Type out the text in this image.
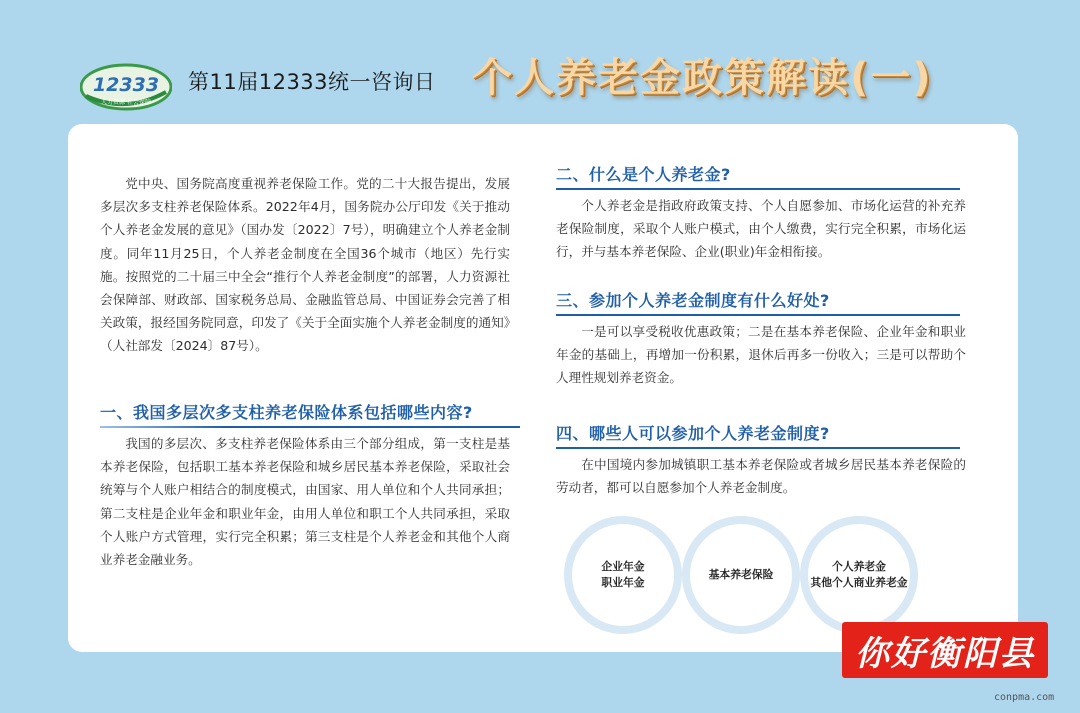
12333
人力资源 社会保障
第11届12333统一咨询日 个人养老金政策解读(一)

党中央、国务院高度重视养老保险工作。党的二十大报告提出，发展多层次多支柱养老保险体系。2022年4月，国务院办公厅印发《关于推动个人养老金发展的意见》（国办发〔2022〕7号），明确建立个人养老金制度。同年11月25日，个人养老金制度在全国36个城市（地区）先行实施。按照党的二十届三中全会“推行个人养老金制度”的部署，人力资源社会保障部、财政部、国家税务总局、金融监管总局、中国证券会完善了相关政策，报经国务院同意，印发了《关于全面实施个人养老金制度的通知》（人社部发〔2024〕87号）。

一、我国多层次多支柱养老保险体系包括哪些内容?

我国的多层次、多支柱养老保险体系由三个部分组成，第一支柱是基本养老保险，包括职工基本养老保险和城乡居民基本养老保险，采取社会统筹与个人账户相结合的制度模式，由国家、用人单位和个人共同承担；第二支柱是企业年金和职业年金，由用人单位和职工个人共同承担，采取个人账户方式管理，实行完全积累；第三支柱是个人养老金和其他个人商业养老金融业务。

二、什么是个人养老金?

个人养老金是指政府政策支持、个人自愿参加、市场化运营的补充养老保险制度，采取个人账户模式，由个人缴费，实行完全积累，市场化运行，并与基本养老保险、企业(职业)年金相衔接。

三、参加个人养老金制度有什么好处?

一是可以享受税收优惠政策；二是在基本养老保险、企业年金和职业年金的基础上，再增加一份积累，退休后再多一份收入；三是可以帮助个人理性规划养老资金。

四、哪些人可以参加个人养老金制度?

在中国境内参加城镇职工基本养老保险或者城乡居民基本养老保险的劳动者，都可以自愿参加个人养老金制度。

企业年金
职业年金
基本养老保险
个人养老金
其他个人商业养老金
你好衡阳县
conpma.com
